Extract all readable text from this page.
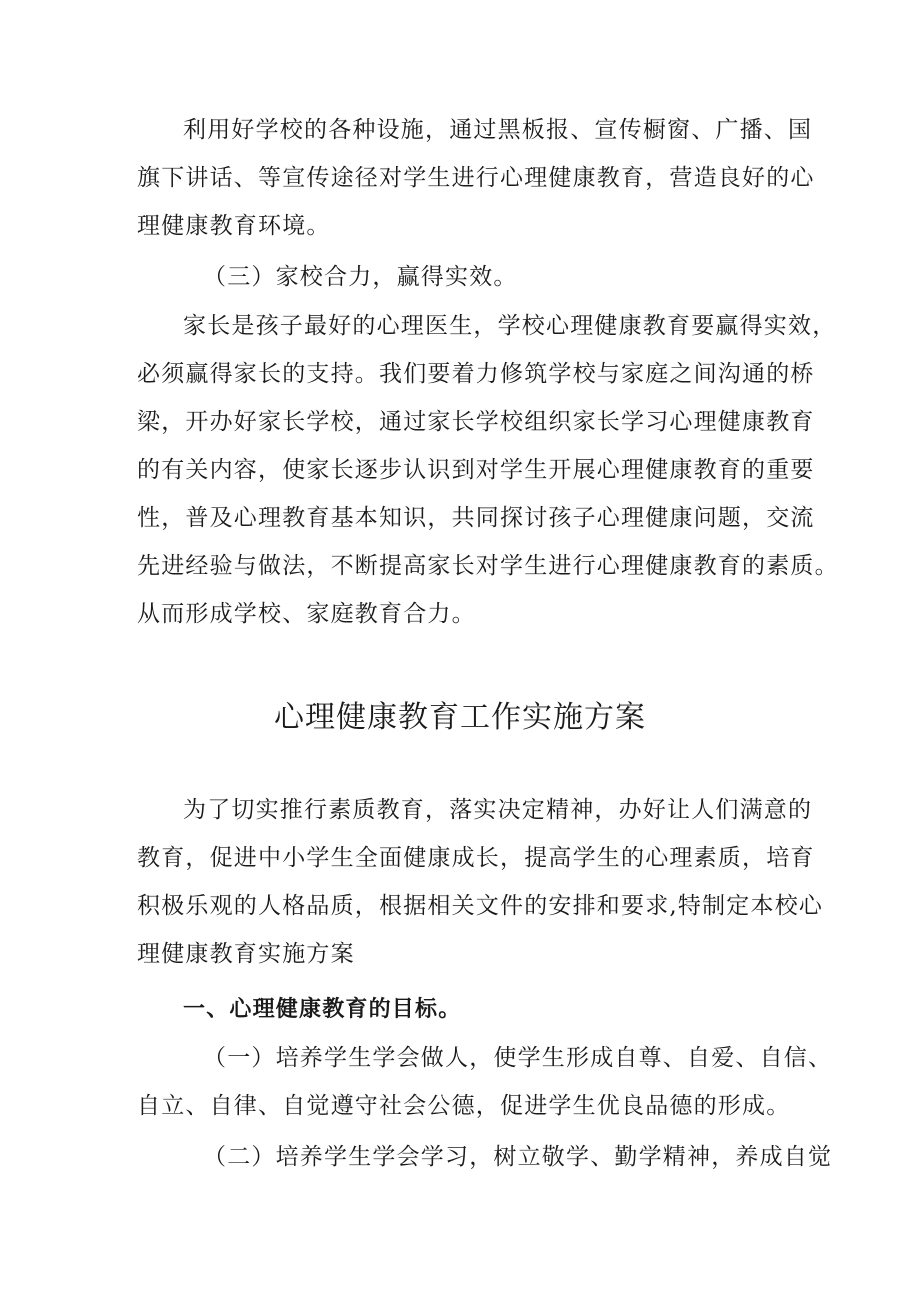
利用好学校的各种设施，通过黑板报、宣传橱窗、广播、国
旗下讲话、等宣传途径对学生进行心理健康教育，营造良好的心
理健康教育环境。
（三）家校合力，赢得实效。
家长是孩子最好的心理医生，学校心理健康教育要赢得实效，
必须赢得家长的支持。我们要着力修筑学校与家庭之间沟通的桥
梁，开办好家长学校，通过家长学校组织家长学习心理健康教育
的有关内容，使家长逐步认识到对学生开展心理健康教育的重要
性，普及心理教育基本知识，共同探讨孩子心理健康问题，交流
先进经验与做法，不断提高家长对学生进行心理健康教育的素质。
从而形成学校、家庭教育合力。
心理健康教育工作实施方案
为了切实推行素质教育，落实决定精神，办好让人们满意的
教育，促进中小学生全面健康成长，提高学生的心理素质，培育
积极乐观的人格品质，根据相关文件的安排和要求,特制定本校心
理健康教育实施方案
一、心理健康教育的目标。
（一）培养学生学会做人，使学生形成自尊、自爱、自信、
自立、自律、自觉遵守社会公德，促进学生优良品德的形成。
（二）培养学生学会学习，树立敬学、勤学精神，养成自觉
